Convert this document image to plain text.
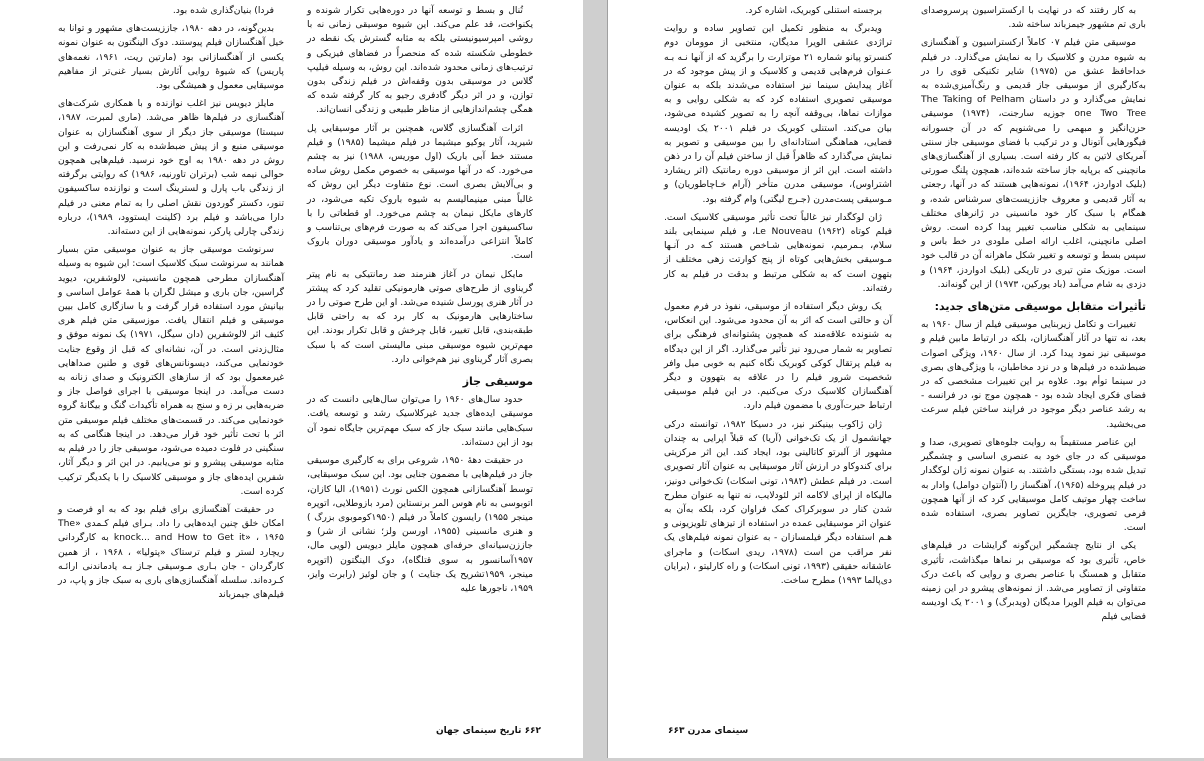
تُنال و بسط و توسعه آنها در دوره‌هایی تکرار شونده و یکنواخت، قد علم می‌کند. این شیوه موسیقی زمانی نه با روشی امپرسیونیستی بلکه به مثابه گسترش یک نقطه در خطوطی شکسته شده که منحصراً در فضاهای فیزیکی و ترتیب‌های زمانی محدود شده‌اند. این روش، به وسیله فیلیپ گلاس در موسیقی بدون وقفه‌اش در فیلم زندگی بدون توازن، و در اثر دیگر گادفری رجیو به کار گرفته شده که همگی چشم‌اندازهایی از مناظر طبیعی و زندگی انسان‌اند.

اثرات آهنگسازی گلاس، همچنین بر آثار موسیقایی پل شیرید، آثار یوکیو میشیما در فیلم میشیما (۱۹۸۵) و فیلم مستند خط آبی باریک (اول موریس، ۱۹۸۸) نیز به چشم می‌خورد. که در آنها موسیقی به خصوص مکمل روش ساده و بی‌آلایش بصری است. نوع متفاوت دیگر این روش که غالباً مبنی مینیمالیسم به شیوه باروک تکیه می‌شود، در کارهای مایکل نیمان به چشم می‌خورد. او قطعاتی را با ساکسیفون اجرا می‌کند که به صورت فرم‌های بی‌تناسب و کاملاً انتزاعی درآمده‌اند و یادآور موسیقی دوران باروک است.

مایکل نیمان در آغاز هنرمند ضد رمانتیکی به نام پیتر گریناوی از طرح‌های صوتی هارمونیکی تقلید کرد که پیشتر در آثار هنری پورسل شنیده می‌شد. او این طرح صوتی را در ساختارهایی هارمونیک به کار برد که به راحتی قابل طبقه‌بندی، قابل تغییر، قابل چرخش و قابل تکرار بودند. این مهم‌ترین شیوه موسیقی مبنی مالیستی است که با سبک بصری آثار گریناوی نیز هم‌خوانی دارد.

موسیقی جاز

حدود سال‌های ۱۹۶۰ را می‌توان سال‌هایی دانست که در موسیقی ایده‌های جدید غیرکلاسیک رشد و توسعه یافت. سبک‌هایی مانند سبک جاز که سبک مهم‌ترین جایگاه نمود آن بود از این دسته‌اند.

در حقیقت دههٔ ۱۹۵۰، شروعی برای به کارگیری موسیقی جاز در فیلم‌هایی با مضمون جنایی بود. این سبک موسیقایی، توسط آهنگسازانی همچون الکس نورث (۱۹۵۱)، الیا کازان، اتوبوسی به نام هوس المر برنستاین (مرد بازوطلایی، اتوپره مینجر ۱۹۵۵) رایسون کاملاً در فیلم (۱۹۵۰کوموبوی بزرگ ) و هنری مانسینی (۱۹۵۵، اورسن ولز؛ نشانی از شر) و جاززن‌سیانه‌ای حرفه‌ای همچون مایلز دیویس (لویی مال، ۱۹۵۷آسانسور به سوی قتلگاه)، دوک الینگتون (اتوپره مینجر، ۱۹۵۹تشریح یک جنایت ) و جان لوئیز (رابرت وایز، ۱۹۵۹، ناجورها علیه

فردا) بنیان‌گذاری شده بود.

بدین‌گونه، در دهه ۱۹۸۰، جاززیست‌های مشهور و توانا به خیل آهنگسازان فیلم پیوستند. دوک الینگتون به عنوان نمونه یکسی از آهنگسازانی بود (مارتین ریت، ۱۹۶۱، نغمه‌های پاریس) که شیوهٔ روایی آثارش بسیار غنی‌تر از مفاهیم موسیقایی معمول و همیشگی بود.

مایلز دیویس نیز اغلب نوازنده و با همکاری شرکت‌های آهنگسازی در فیلم‌ها ظاهر می‌شد. (ماری لمبرت، ۱۹۸۷، سیستا) موسیقی جاز دیگر از سوی آهنگسازان به عنوان موسیقی منبع و از پیش ضبط‌شده به کار نمی‌رفت و این روش در دهه ۱۹۸۰ به اوج خود نرسید. فیلم‌هایی همچون حوالی نیمه شب (برتران تاورنیه، ۱۹۸۶) که روایتی برگرفته از زندگی باب پارل و لسترینگ است و نوازنده ساکسیفون تنور، دکستر گوردون نقش اصلی را به تمام معنی در فیلم دارا می‌باشد و فیلم برد (کلینت ایستوود، ۱۹۸۹)، درباره زندگی چارلی پارکر، نمونه‌هایی از این دسته‌اند.

سرنوشت موسیقی جاز به عنوان موسیقی متن بسیار همانند به سرنوشت سبک کلاسیک است: این شیوه به وسیله آهنگسازان مطرحی همچون مانسینی، لالوشفرین، دیوید گراسین، جان باری و میشل لگران با همهٔ عوامل اساسی و بیانیش مورد استفاده قرار گرفت و با سازگاری کامل بیین موسیقی و فیلم انتقال یافت. موزسیقی متن فیلم هری کثیف اثر لالوشفرین (دان سیگل، ۱۹۷۱) یک نمونه موفق و مثال‌زدنی است. در آن، نشانه‌ای که قبل از وقوع جنایت خودنمایی می‌کند، دیسونانس‌های قوی و طنین صداهایی غیرمعمول بود که از سازهای الکترونیک و صدای زنانه به دست می‌آمد. در اینجا موسیقی با اجرای فواصل جاز و ضربه‌هایی بر زه و سنج به همراه تأکیدات گنگ و بیگانهٔ گروه خودنمایی می‌کند. در قسمت‌های مختلف فیلم موسیقی متن اثر با تحت تأثیر خود قرار می‌دهد. در اینجا هنگامی که به سنگینی در فلوت دمیده می‌شود، موسیقی جاز را در فیلم به مثابه موسیقی پیشرو و نو می‌یابیم. در این اثر و دیگر آثار، شفرین ایده‌های جاز و موسیقی کلاسیک را با یکدیگر ترکیب کرده است.

در حقیقت آهنگسازی برای فیلم بود که به او فرصت و امکان خلق چنین ایده‌هایی را داد. بـرای فیلم کـمدی «The knock... and How to Get it» ، ۱۹۶۵ به کارگردانی ریچارد لستر و فیلم ترستاک «پتولیا» ، ۱۹۶۸ ، از همین کارگردان - جان بـاری مـوسیقی جـاز بـه یادماندنی ارائـه کـرده‌اند. سلسله آهنگسازی‌های باری به سبک جاز و پاپ، در فیلم‌های جیمزباند

۶۶۲ تاریخ سینمای جهان

به کار رفتند که در نهایت با ارکستراسیون پرسروصدای باری تم مشهور جیمزباند ساخته شد.

موسیقی متن فیلم ۰۷ کاملاً ارکستراسیون و آهنگسازی به شیوه مدرن و کلاسیک را به نمایش می‌گذارد. در فیلم خداحافظ عشق من (۱۹۷۵) شایر تکنیکی قوی را در به‌کارگیری از موسیقی جاز قدیمی و رنگ‌آمیزی‌شده به نمایش می‌گذارد و در داستان The Taking of Pelham one Two Tree جوزیه سارجنت، (۱۹۷۴) موسیقی حزن‌انگیز و مبهمی را می‌شنویم که در آن جسورانه فیگورهایی آتونال و در ترکیب با فضای موسیقی جاز سنتی آمریکای لاتین به کار رفته است. بسیاری از آهنگسازی‌های مانچینی که برپایه جاز ساخته شده‌اند، همچون پلنگ صورتی (بلیک ادواردز، ۱۹۶۴)، نمونه‌هایی هستند که در آنها، رجعتی به آثار قدیمی و معروف جاززیست‌های سرشناس شده، و همگام با سبک کار خود مانسینی در ژانرهای مختلف سینمایی به شکلی مناسب تغییر پیدا کرده است. روش اصلی مانچینی، اغلب ارائه اصلی ملودی در خط باس و سپس بسط و توسعه و تغییر شکل ماهرانه آن در قالب خود است. موزیک متن تیری در تاریکی (بلیک ادواردز، ۱۹۶۴) و دزدی به شام می‌آمد (باد یورکین، ۱۹۷۳) از این گونه‌اند.

تأثیرات متقابل موسیقی متن‌های جدید:

تغییرات و تکامل زیربنایی موسیقی فیلم از سال ۱۹۶۰ به بعد، نه تنها در آثار آهنگسازان، بلکه در ارتباط مابین فیلم و موسیقی نیز نمود پیدا کرد. از سال ۱۹۶۰، ویژگی اصوات ضبط‌شده در فیلم‌ها و در نزد مخاطبان، با ویژگی‌های بصری در سینما توأم بود. علاوه بر این تغییرات مشخصی که در فضای فکری ایجاد شده بود - همچون موج نو، در فرانسه - به رشد عناصر دیگر موجود در فرایند ساختن فیلم سرعت می‌بخشید.

این عناصر مستقیماً به روایت جلوه‌های تصویری، صدا و موسیقی که در جای خود به عنصری اساسی و چشمگیر تبدیل شده بود، بستگی داشتند. به عنوان نمونه ژان لوکگدار در فیلم پیروخله (۱۹۶۵)، آهنگساز را (آنتوان دوامل) وادار به ساخت چهار موتیف کامل موسیقایی کرد که از آنها همچون فرمی تصویری، جایگزین تصاویر بصری، استفاده شده است.

یکی از نتایج چشمگیر این‌گونه گرایشات در فیلم‌های خاص، تأثیری بود که موسیقی بر نماها میگذاشت، تأثیری متقابل و همسنگ با عناصر بصری و روایی که باعث درک متفاوتی از تصاویر می‌شد. از نمونه‌های پیشرو در این زمینه می‌توان به فیلم الویرا مدیگان (ویدبرگ) و ۲۰۰۱ یک اودیسه فضایی فیلم

برجسته استنلی کوبریک، اشاره کرد.

ویدبرگ به منظور تکمیل این تصاویر ساده و روایت تراژدی عشقی الویرا مدیگان، منتخبی از موومان دوم کنسرتو پیانو شماره ۲۱ موتزارت را برگزید که از آنها نـه بـه عـنوان فرم‌هایی قدیمی و کلاسیک و از پیش موجود که در آغاز پیدایش سینما نیز استفاده می‌شدند بلکه به عنوان موسیقی تصویری استفاده کرد که به شکلی روایی و به موازات نماها، بی‌وقفه آنچه را به تصویر کشیده می‌شود، بیان می‌کند. استنلی کوبریک در فیلم ۲۰۰۱ یک اودیسه فضایی، هماهنگی استادانه‌ای را بین موسیقی و تصویر به نمایش می‌گذارد که ظاهراً قبل از ساختن فیلم آن را در ذهن داشته است. این اثر از موسیقی دوره رمانتیک (اثر ریشارد اشتراوس)، موسیقی مدرن متأخر (آرام خـاچاطوریان) و مـوسیقی پست‌مدرن (جـرج لیگتی) وام گرفته بود.

ژان لوکگدار نیز غالباً تحت تأثیر موسیقی کلاسیک است. فیلم کوتاه Le Nouveau (۱۹۶۲)، و فیلم سینمایی بلند سلام، بـمرمیم، نمونه‌هایی شـاخص هستند کـه در آنـها مـوسیقی بخش‌هایی کوتاه از پنج کوارتت زهی مختلف از بتهوِن است که به شکلی مرتبط و بدقت در فیلم به کار رفته‌اند.

یک روش دیگر استفاده از موسیقی، نفوذ در فرم معمول آن و حالتی است که اثر به آن محدود می‌شود. این انعکاس، به شنونده علاقه‌مند که همچون پشتوانه‌ای فرهنگی برای تصاویر به شمار می‌رود نیز تأثیر می‌گذارد. اگر از این دیدگاه به فیلم پرتقال کوکی کوبریک نگاه کنیم به خوبی میل وافر شخصیت شرور فیلم را در علاقه به بتهوون و دیگر آهنگسازان کلاسیک درک می‌کنیم. در این فیلم موسیقی ارتباط حیرت‌آوری با مضمون فیلم دارد.

ژان ژاکوب بینیکنر نیز، در دسیکا ۱۹۸۲، توانسته درکی جهانشمول از یک تک‌خوانی (آریا) که قبلاً اپرایی به چندان مشهور از آلبرتو کاتالینی بود، ایجاد کند. این اثر مرکزیتی برای کندوکاو در ارزش آثار موسیقایی به عنوان آثار تصویری است. در فیلم عطش (۱۹۸۳، تونی اسکات) تک‌خوانی دونیز، مالیکاه از اپرای لاکامه اثر لئودلایب، نه تنها به عنوان مطرح شدن کنار در سوبرکراک کمک فراوان کرد، بلکه به‌آن به عنوان اثر موسیقایی عمده در استفاده از تیزهای تلویزیونی و هـم استفاده دیگر فیلمسازان - به عنوان نمونه فیلم‌های یک نفر مراقب من است (۱۹۷۸، ریدی اسکات) و ماجرای عاشقانه حقیقی (۱۹۹۳، تونی اسکات) و راه کارلیتو ، (برایان دی‌پالما ۱۹۹۳) مطرح ساخت.

سینمای مدرن ۶۶۳
